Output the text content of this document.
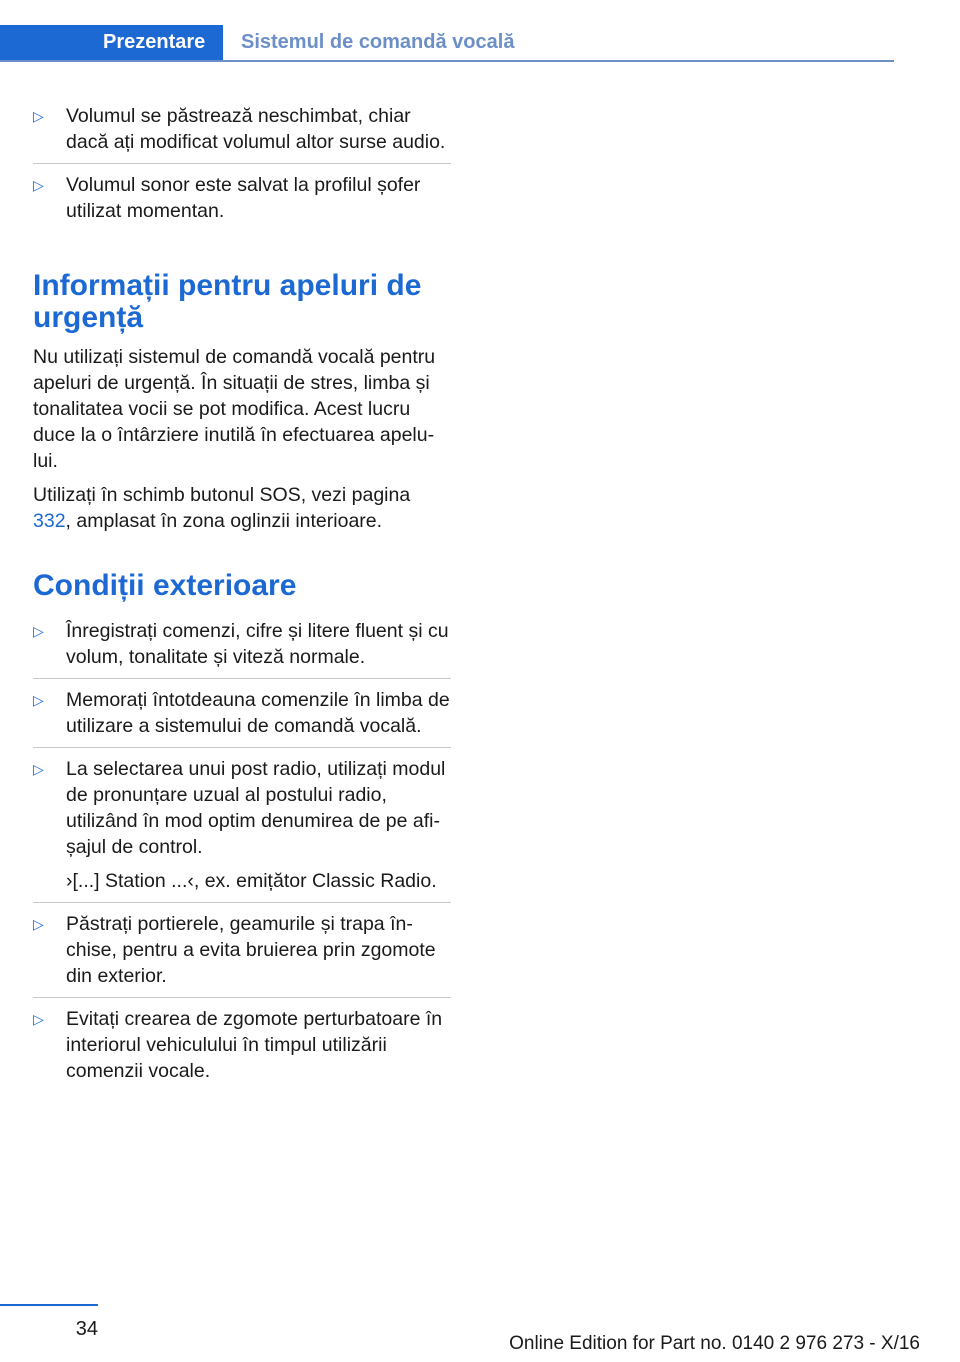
Prezentare	Sistemul de comandă vocală
▷	Volumul se păstrează neschimbat, chiar dacă ați modificat volumul altor surse audio.
▷	Volumul sonor este salvat la profilul șofer utilizat momentan.
Informații pentru apeluri de urgență

Nu utilizați sistemul de comandă vocală pentru apeluri de urgență. În situații de stres, limba și tonalitatea vocii se pot modifica. Acest lucru duce la o întârziere inutilă în efectuarea apelului.

Utilizați în schimb butonul SOS, vezi pagina 332, amplasat în zona oglinzii interioare.

Condiții exterioare
▷	Înregistrați comenzi, cifre și litere fluent și cu volum, tonalitate și viteză normale.
▷	Memorați întotdeauna comenzile în limba de utilizare a sistemului de comandă vocală.
▷	La selectarea unui post radio, utilizați modul de pronunțare uzual al postului radio, utilizând în mod optim denumirea de pe afișajul de control.
›[...] Station ...‹, ex. emițător Classic Radio.
▷	Păstrați portierele, geamurile și trapa închise, pentru a evita bruierea prin zgomote din exterior.
▷	Evitați crearea de zgomote perturbatoare în interiorul vehiculului în timpul utilizării comenzii vocale.
34
Online Edition for Part no. 0140 2 976 273 - X/16
